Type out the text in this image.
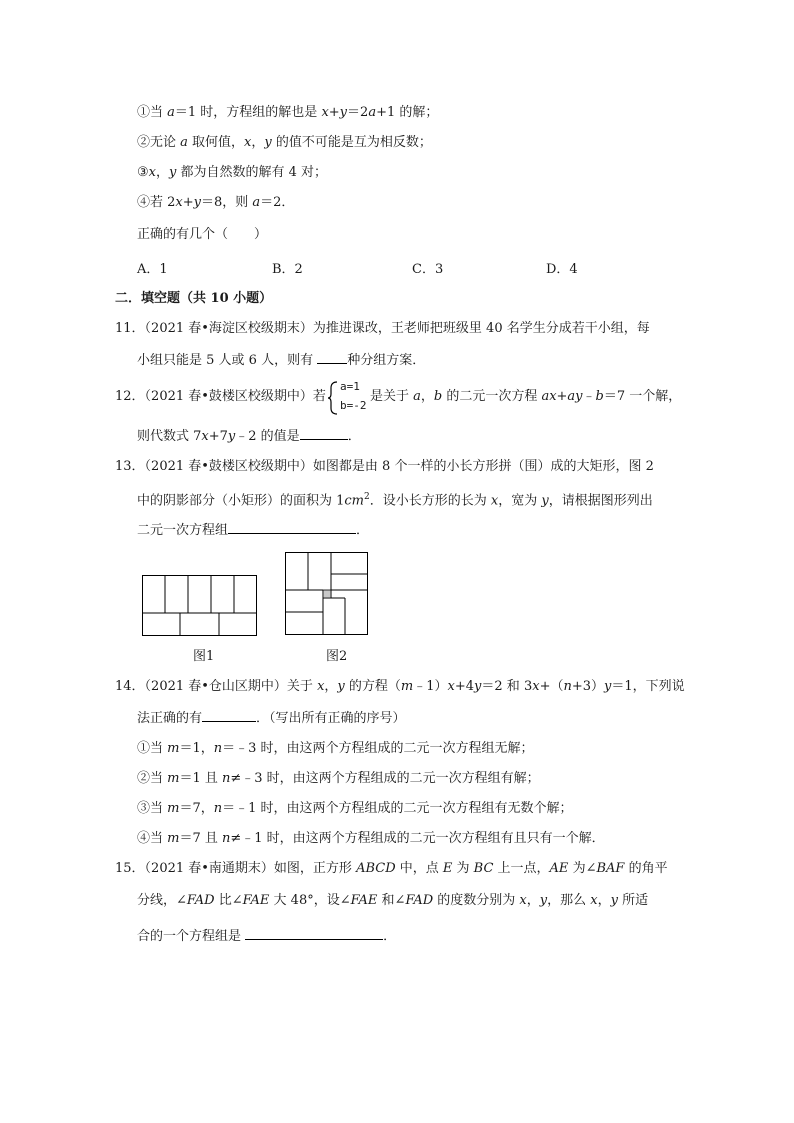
①当 a＝1 时，方程组的解也是 x+y＝2a+1 的解；
②无论 a 取何值，x，y 的值不可能是互为相反数；
③x，y 都为自然数的解有 4 对；
④若 2x+y＝8，则 a＝2．
正确的有几个（　　）
A．1	B．2	C．3	D．4
二．填空题（共 10 小题）
11．（2021 春•海淀区校级期末）为推进课改，王老师把班级里 40 名学生分成若干小组，每
小组只能是 5 人或 6 人，则有 种分组方案．
12．（2021 春•鼓楼区校级期中）若	是关于 a，b 的二元一次方程 ax+ay﹣b＝7 一个解，
a=1
b=-2
则代数式 7x+7y﹣2 的值是	．
13．（2021 春•鼓楼区校级期中）如图都是由 8 个一样的小长方形拼（围）成的大矩形，图 2
中的阴影部分（小矩形）的面积为 $1cm^2$．设小长方形的长为 x，宽为 y，请根据图形列出
二元一次方程组	．
图1	图2
14．（2021 春•仓山区期中）关于 x，y 的方程（m﹣1）x+4y＝2 和 3x+（n+3）y＝1，下列说
法正确的有	．（写出所有正确的序号）
①当 m＝1，n＝﹣3 时，由这两个方程组成的二元一次方程组无解；
②当 m＝1 且 n≠﹣3 时，由这两个方程组成的二元一次方程组有解；
③当 m＝7，n＝﹣1 时，由这两个方程组成的二元一次方程组有无数个解；
④当 m＝7 且 n≠﹣1 时，由这两个方程组成的二元一次方程组有且只有一个解．
15．（2021 春•南通期末）如图，正方形 ABCD 中，点 E 为 BC 上一点，AE 为∠BAF 的角平
分线，∠FAD 比∠FAE 大 48°，设∠FAE 和∠FAD 的度数分别为 x，y，那么 x，y 所适
合的一个方程组是	．
